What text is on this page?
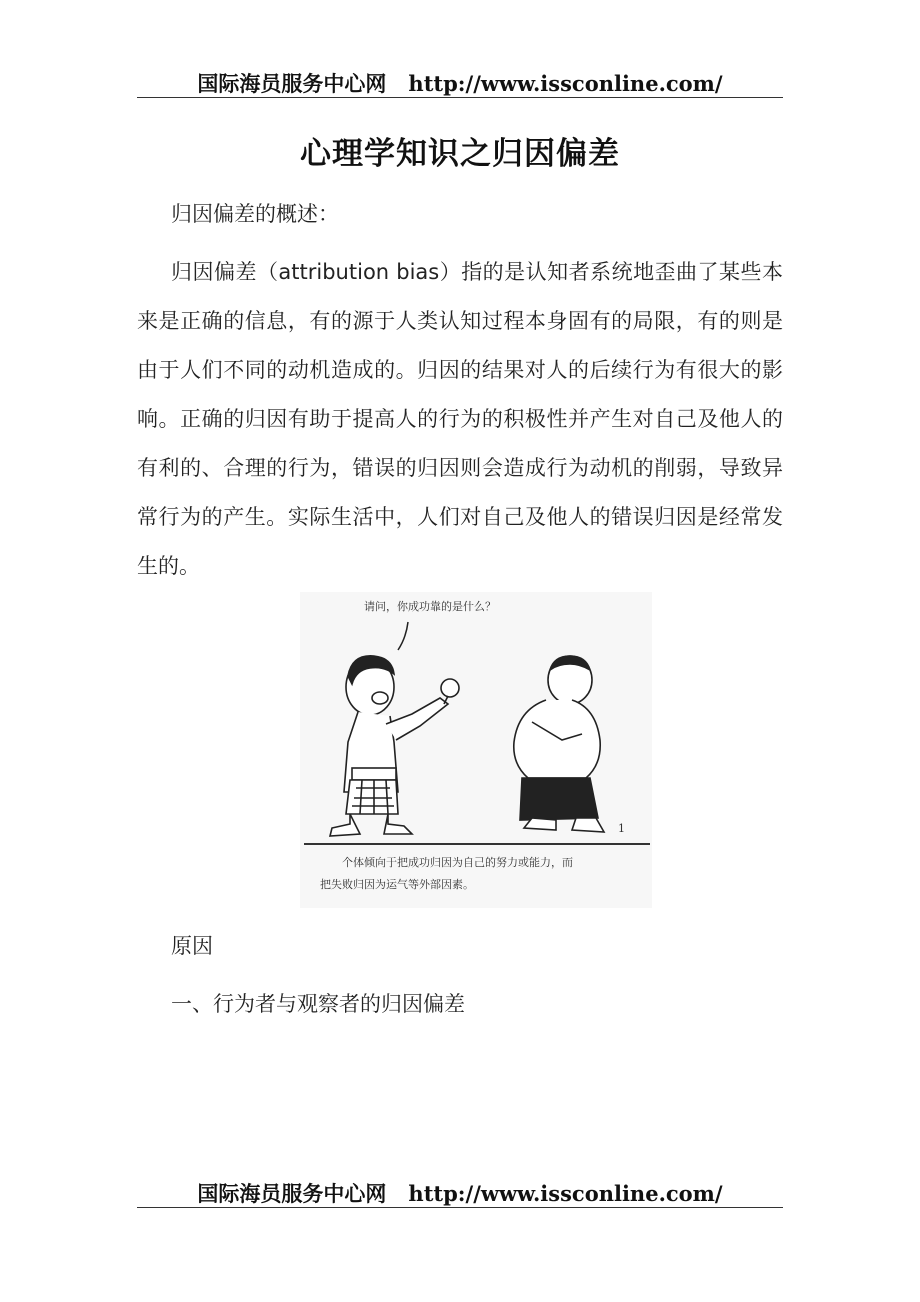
国际海员服务中心网 http://www.issconline.com/
心理学知识之归因偏差
归因偏差的概述：
归因偏差（attribution bias）指的是认知者系统地歪曲了某些本
来是正确的信息，有的源于人类认知过程本身固有的局限，有的则是
由于人们不同的动机造成的。归因的结果对人的后续行为有很大的影
响。正确的归因有助于提高人的行为的积极性并产生对自己及他人的
有利的、合理的行为，错误的归因则会造成行为动机的削弱，导致异
常行为的产生。实际生活中，人们对自己及他人的错误归因是经常发
生的。
请问，你成功靠的是什么？
1
个体倾向于把成功归因为自己的努力或能力，而
把失败归因为运气等外部因素。
原因
一、行为者与观察者的归因偏差
国际海员服务中心网 http://www.issconline.com/
